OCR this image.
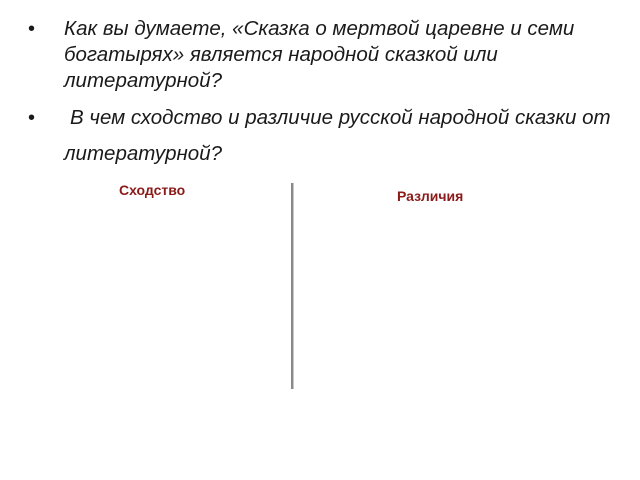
• Как вы думаете, «Сказка о мертвой царевне и семи богатырях» является народной сказкой или литературной?
• В чем сходство и различие русской народной сказки от литературной?
Сходство	Различия
